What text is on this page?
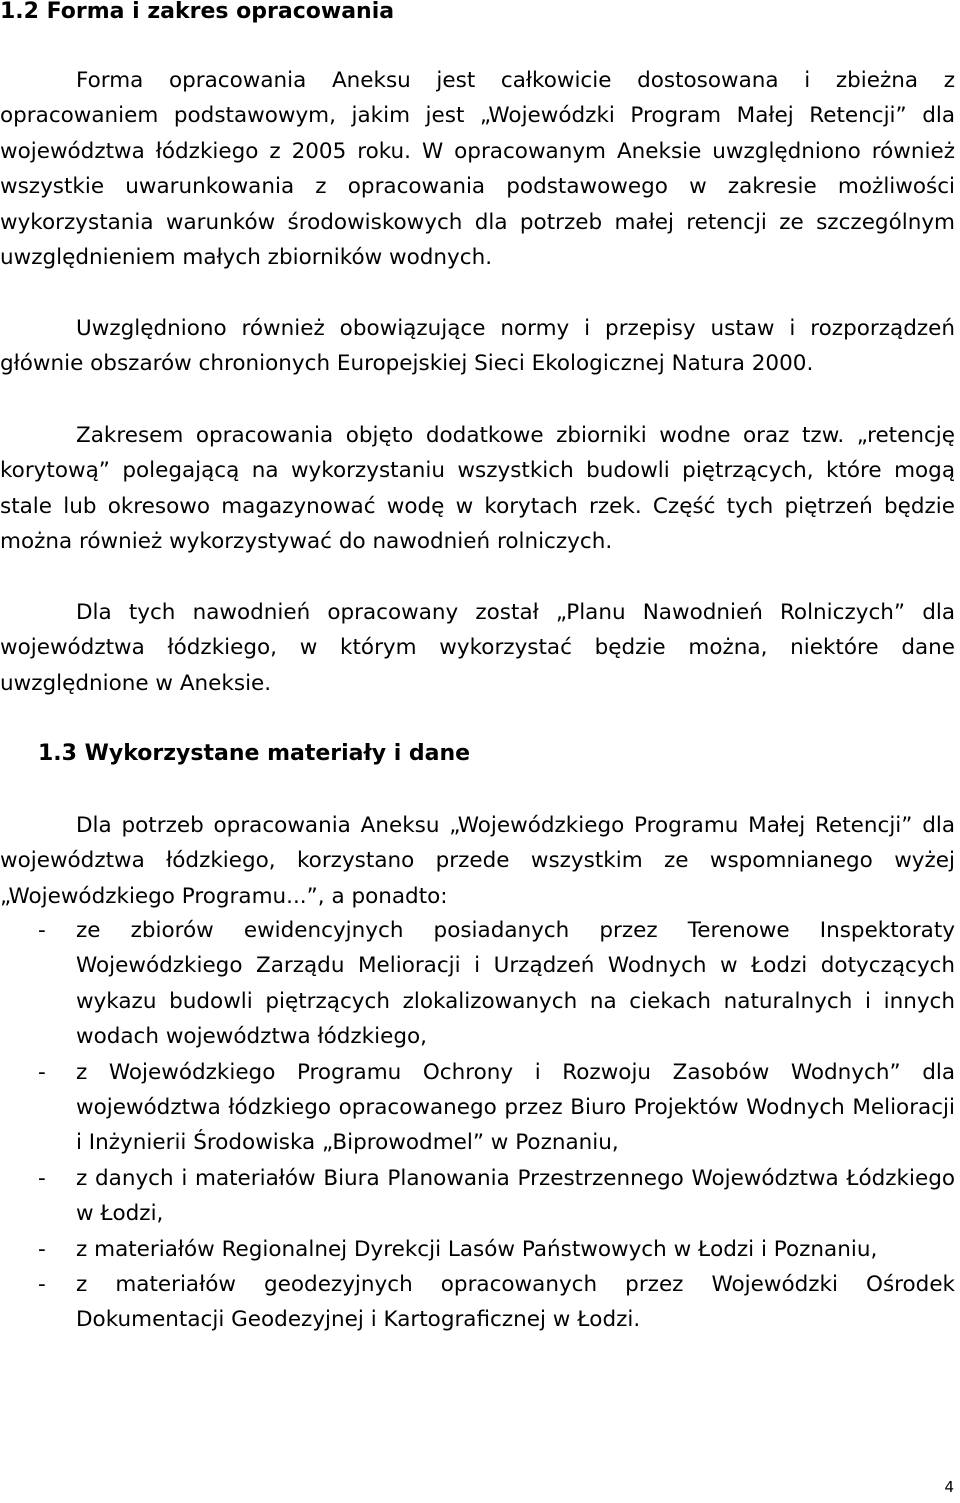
1.2 Forma i zakres opracowania

Forma opracowania Aneksu jest całkowicie dostosowana i zbieżna z opracowaniem podstawowym, jakim jest „Wojewódzki Program Małej Retencji” dla województwa łódzkiego z 2005 roku. W opracowanym Aneksie uwzględniono również wszystkie uwarunkowania z opracowania podstawowego w zakresie możliwości wykorzystania warunków środowiskowych dla potrzeb małej retencji ze szczególnym uwzględnieniem małych zbiorników wodnych.

Uwzględniono również obowiązujące normy i przepisy ustaw i rozporządzeń głównie obszarów chronionych Europejskiej Sieci Ekologicznej Natura 2000.

Zakresem opracowania objęto dodatkowe zbiorniki wodne oraz tzw. „retencję korytową” polegającą na wykorzystaniu wszystkich budowli piętrzących, które mogą stale lub okresowo magazynować wodę w korytach rzek. Część tych piętrzeń będzie można również wykorzystywać do nawodnień rolniczych.

Dla tych nawodnień opracowany został „Planu Nawodnień Rolniczych” dla województwa łódzkiego, w którym wykorzystać będzie można, niektóre dane uwzględnione w Aneksie.

1.3 Wykorzystane materiały i dane

Dla potrzeb opracowania Aneksu „Wojewódzkiego Programu Małej Retencji” dla województwa łódzkiego, korzystano przede wszystkim ze wspomnianego wyżej „Wojewódzkiego Programu...”, a ponadto:

- ze zbiorów ewidencyjnych posiadanych przez Terenowe Inspektoraty Wojewódzkiego Zarządu Melioracji i Urządzeń Wodnych w Łodzi dotyczących wykazu budowli piętrzących zlokalizowanych na ciekach naturalnych i innych wodach województwa łódzkiego,
- z Wojewódzkiego Programu Ochrony i Rozwoju Zasobów Wodnych” dla województwa łódzkiego opracowanego przez Biuro Projektów Wodnych Melioracji i Inżynierii Środowiska „Biprowodmel” w Poznaniu,
- z danych i materiałów Biura Planowania Przestrzennego Województwa Łódzkiego w Łodzi,
- z materiałów Regionalnej Dyrekcji Lasów Państwowych w Łodzi i Poznaniu,
- z materiałów geodezyjnych opracowanych przez Wojewódzki Ośrodek Dokumentacji Geodezyjnej i Kartograficznej w Łodzi.
4
